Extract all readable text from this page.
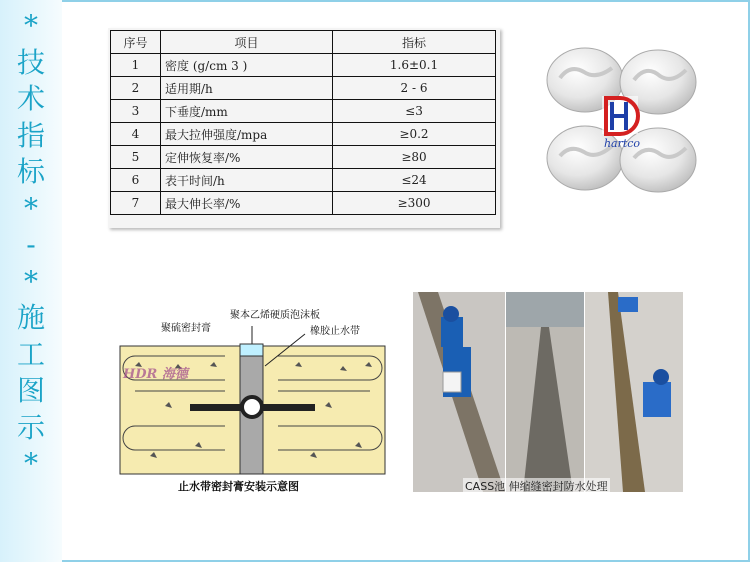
*
技
术
指
标
*
-
*
施
工
图
示
*
序号	项目	指标
1	密度 (g/cm 3 )	1.6±0.1
2	适用期/h	2 - 6
3	下垂度/mm	≤3
4	最大拉伸强度/mpa	≥0.2
5	定伸恢复率/%	≥80
6	表干时间/h	≤24
7	最大伸长率/%	≥300
hartco
聚硫密封膏
聚本乙烯硬质泡沫板
橡胶止水带
HDR 海德
止水带密封膏安装示意图	CASS池 伸缩缝密封防水处理
